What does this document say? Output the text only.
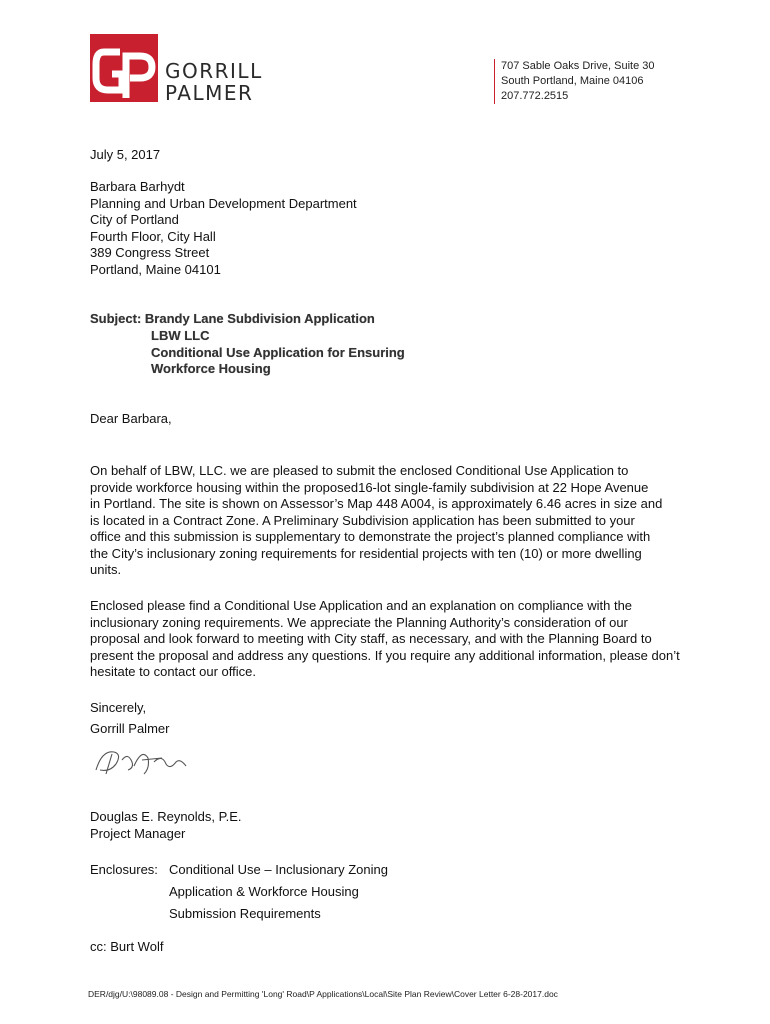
GORRILL
PALMER
707 Sable Oaks Drive, Suite 30
South Portland, Maine 04106
207.772.2515
July 5, 2017
Barbara Barhydt
Planning and Urban Development Department
City of Portland
Fourth Floor, City Hall
389 Congress Street
Portland, Maine 04101
Subject: Brandy Lane Subdivision Application
LBW LLC
Conditional Use Application for Ensuring
Workforce Housing
Dear Barbara,
On behalf of LBW, LLC. we are pleased to submit the enclosed Conditional Use Application to
provide workforce housing within the proposed16-lot single-family subdivision at 22 Hope Avenue
in Portland. The site is shown on Assessor’s Map 448 A004, is approximately 6.46 acres in size and
is located in a Contract Zone. A Preliminary Subdivision application has been submitted to your
office and this submission is supplementary to demonstrate the project’s planned compliance with
the City’s inclusionary zoning requirements for residential projects with ten (10) or more dwelling
units.
Enclosed please find a Conditional Use Application and an explanation on compliance with the
inclusionary zoning requirements. We appreciate the Planning Authority’s consideration of our
proposal and look forward to meeting with City staff, as necessary, and with the Planning Board to
present the proposal and address any questions. If you require any additional information, please don’t
hesitate to contact our office.
Sincerely,
Gorrill Palmer
Douglas E. Reynolds, P.E.
Project Manager
Enclosures: Conditional Use – Inclusionary Zoning
Application & Workforce Housing
Submission Requirements
cc: Burt Wolf
DER/djg/U:\98089.08 - Design and Permitting 'Long' Road\P Applications\Local\Site Plan Review\Cover Letter 6-28-2017.doc
